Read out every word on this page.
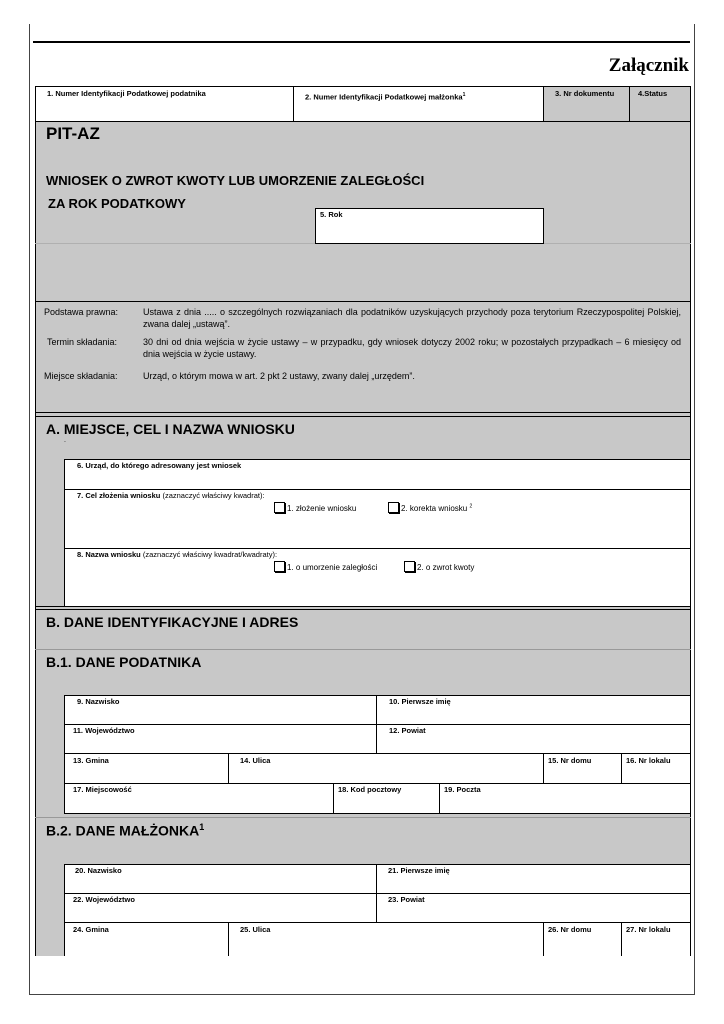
Załącznik
1. Numer Identyfikacji Podatkowej podatnika	2. Numer Identyfikacji Podatkowej małżonka$^1$	3. Nr dokumentu	4.Status
PIT-AZ
WNIOSEK O ZWROT KWOTY LUB UMORZENIE ZALEGŁOŚCI
ZA ROK PODATKOWY
5. Rok
Podstawa prawna:	Ustawa z dnia ..... o szczególnych rozwiązaniach dla podatników uzyskujących przychody poza terytorium Rzeczypospolitej Polskiej, zwana dalej „ustawą”.
Termin składania:	30 dni od dnia wejścia w życie ustawy – w przypadku, gdy wniosek dotyczy 2002 roku; w pozostałych przypadkach – 6 miesięcy od dnia wejścia w życie ustawy.
Miejsce składania:	Urząd, o którym mowa w art. 2 pkt 2 ustawy, zwany dalej „urzędem”.
A. MIEJSCE, CEL I NAZWA WNIOSKU
.
6. Urząd, do którego adresowany jest wniosek
7. Cel złożenia wniosku (zaznaczyć właściwy kwadrat):
1. złożenie wniosku	2. korekta wniosku $^2$
8. Nazwa wniosku (zaznaczyć właściwy kwadrat/kwadraty):
1. o umorzenie zaległości	2. o zwrot kwoty
B. DANE IDENTYFIKACYJNE I ADRES
B.1. DANE PODATNIKA
9. Nazwisko	10. Pierwsze imię
11. Województwo	12. Powiat
13. Gmina	14. Ulica	15. Nr domu	16. Nr lokalu
17. Miejscowość	18. Kod pocztowy	19. Poczta
B.2. DANE MAŁŻONKA$^1$
20. Nazwisko	21. Pierwsze imię
22. Województwo	23. Powiat
24. Gmina	25. Ulica	26. Nr domu	27. Nr lokalu
